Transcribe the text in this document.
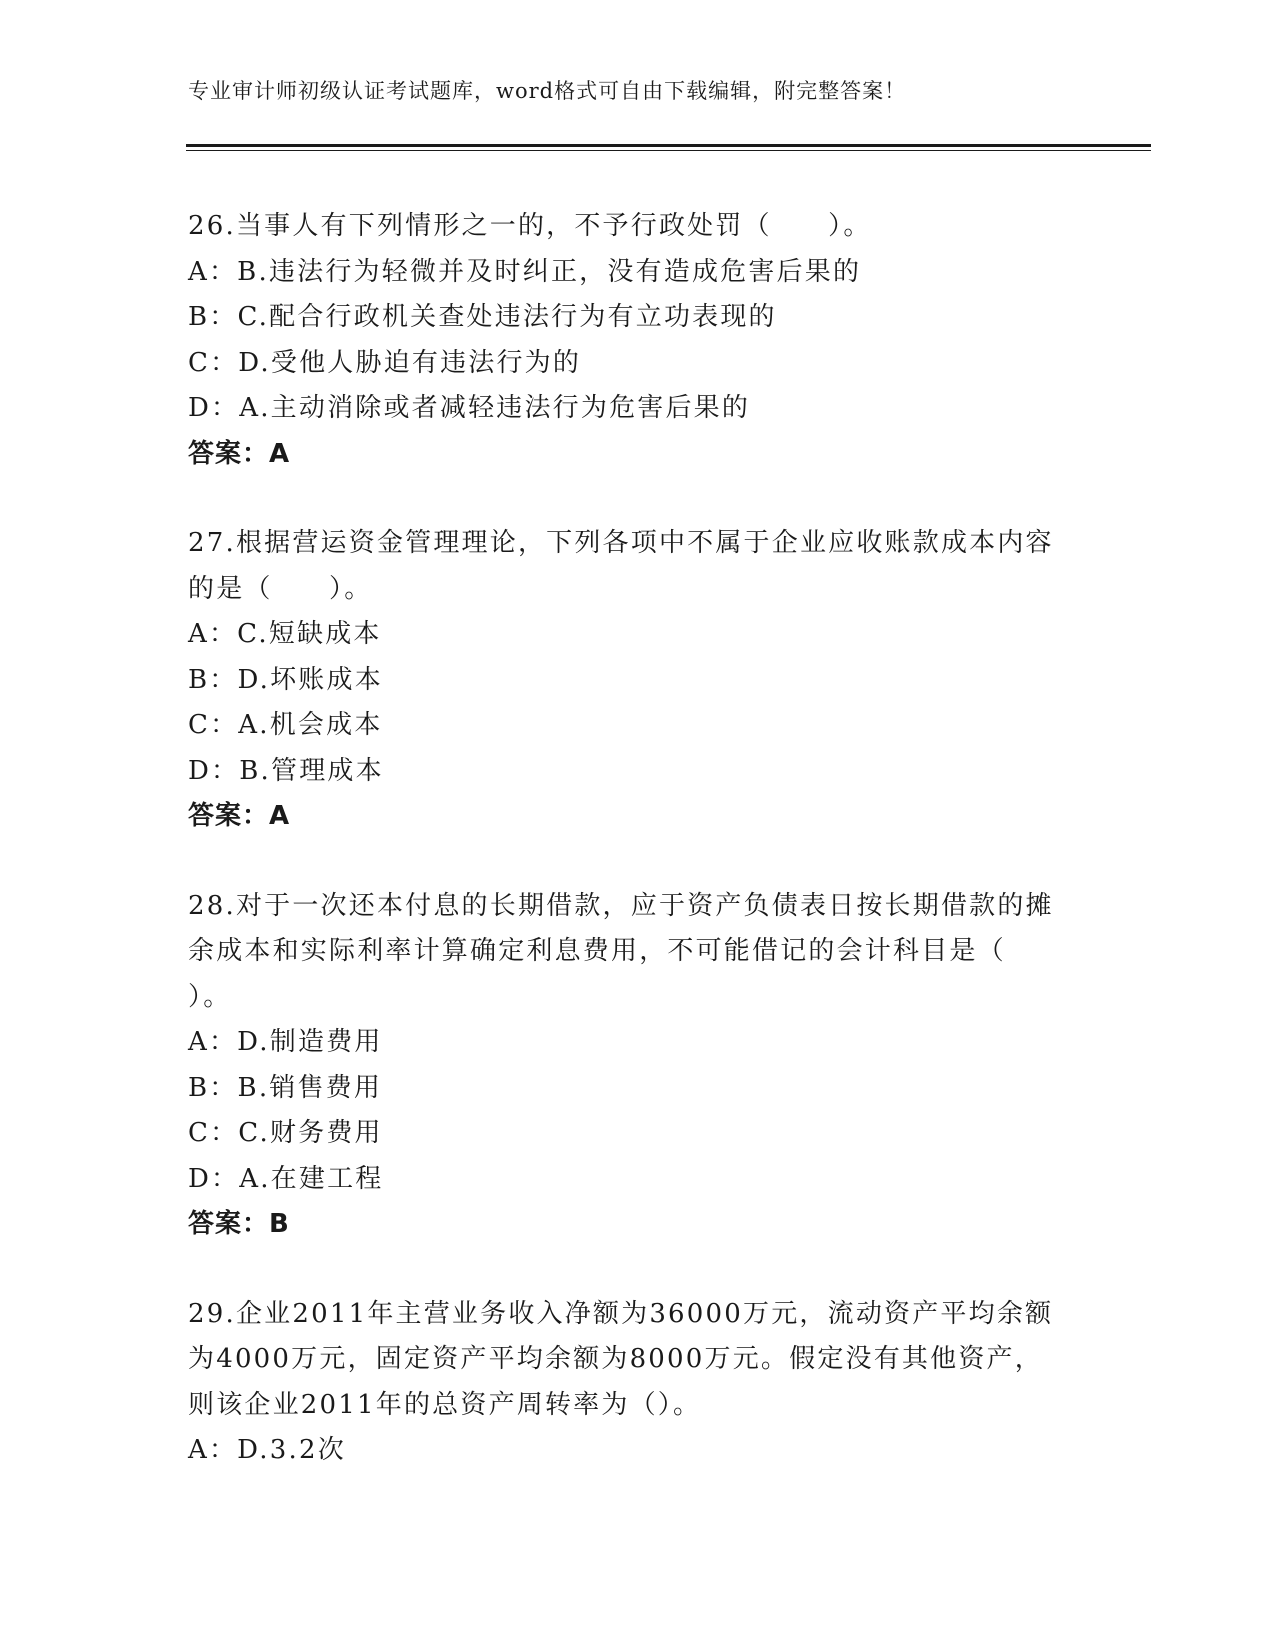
专业审计师初级认证考试题库，word格式可自由下载编辑，附完整答案！
26.当事人有下列情形之一的，不予行政处罚（　　）。
A：B.违法行为轻微并及时纠正，没有造成危害后果的
B：C.配合行政机关查处违法行为有立功表现的
C：D.受他人胁迫有违法行为的
D：A.主动消除或者减轻违法行为危害后果的
答案：A
27.根据营运资金管理理论，下列各项中不属于企业应收账款成本内容
的是（　　）。
A：C.短缺成本
B：D.坏账成本
C：A.机会成本
D：B.管理成本
答案：A
28.对于一次还本付息的长期借款，应于资产负债表日按长期借款的摊
余成本和实际利率计算确定利息费用，不可能借记的会计科目是（
）。
A：D.制造费用
B：B.销售费用
C：C.财务费用
D：A.在建工程
答案：B
29.企业2011年主营业务收入净额为36000万元，流动资产平均余额
为4000万元，固定资产平均余额为8000万元。假定没有其他资产，
则该企业2011年的总资产周转率为（）。
A：D.3.2次
